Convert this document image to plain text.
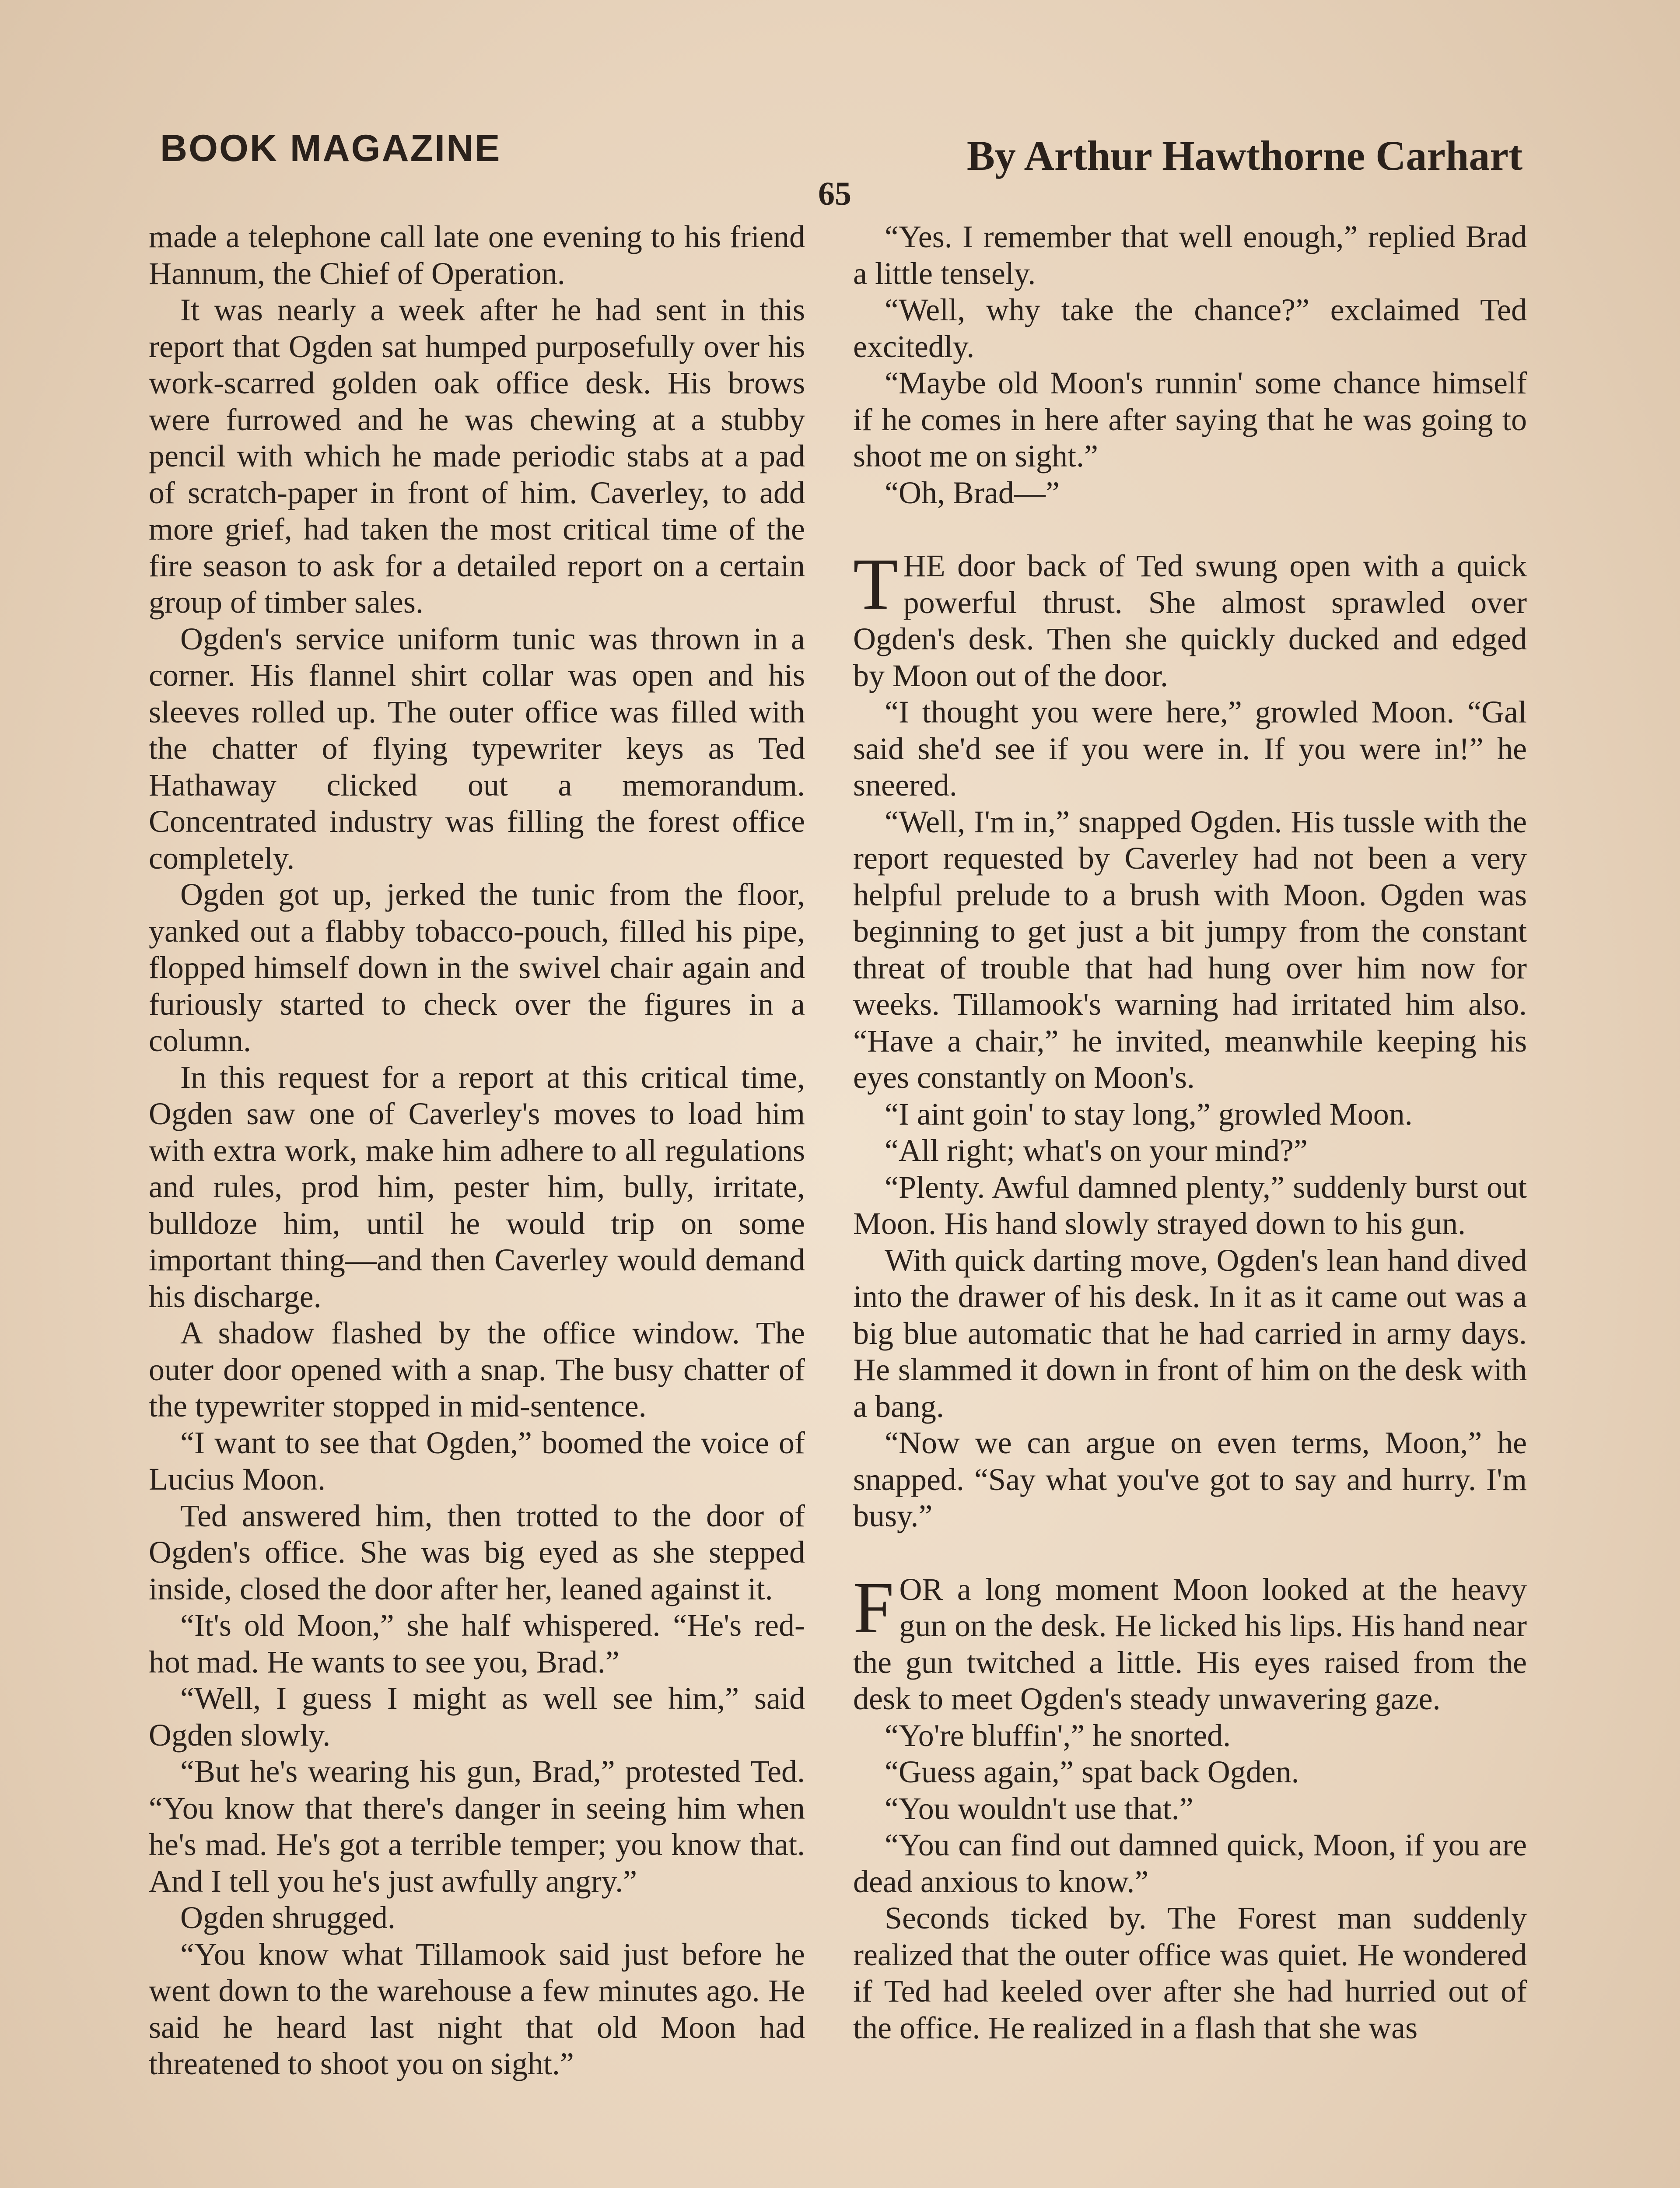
BOOK MAGAZINE	By Arthur Hawthorne Carhart
65

made a telephone call late one evening to his friend Hannum, the Chief of Operation.

It was nearly a week after he had sent in this report that Ogden sat humped purposefully over his work-scarred golden oak office desk. His brows were furrowed and he was chewing at a stubby pencil with which he made periodic stabs at a pad of scratch-paper in front of him. Caverley, to add more grief, had taken the most critical time of the fire season to ask for a detailed report on a certain group of timber sales.

Ogden's service uniform tunic was thrown in a corner. His flannel shirt collar was open and his sleeves rolled up. The outer office was filled with the chatter of flying typewriter keys as Ted Hathaway clicked out a memorandum. Concentrated industry was filling the forest office completely.

Ogden got up, jerked the tunic from the floor, yanked out a flabby tobacco-pouch, filled his pipe, flopped himself down in the swivel chair again and furiously started to check over the figures in a column.

In this request for a report at this critical time, Ogden saw one of Caverley's moves to load him with extra work, make him adhere to all regulations and rules, prod him, pester him, bully, irritate, bulldoze him, until he would trip on some important thing—and then Caverley would demand his discharge.

A shadow flashed by the office window. The outer door opened with a snap. The busy chatter of the typewriter stopped in mid-sentence.

“I want to see that Ogden,” boomed the voice of Lucius Moon.

Ted answered him, then trotted to the door of Ogden's office. She was big eyed as she stepped inside, closed the door after her, leaned against it.

“It's old Moon,” she half whispered. “He's red-hot mad. He wants to see you, Brad.”

“Well, I guess I might as well see him,” said Ogden slowly.

“But he's wearing his gun, Brad,” protested Ted. “You know that there's danger in seeing him when he's mad. He's got a terrible temper; you know that. And I tell you he's just awfully angry.”

Ogden shrugged.

“You know what Tillamook said just before he went down to the warehouse a few minutes ago. He said he heard last night that old Moon had threatened to shoot you on sight.”

“Yes. I remember that well enough,” replied Brad a little tensely.

“Well, why take the chance?” exclaimed Ted excitedly.

“Maybe old Moon's runnin' some chance himself if he comes in here after saying that he was going to shoot me on sight.”

“Oh, Brad—”

THE door back of Ted swung open with a quick powerful thrust. She almost sprawled over Ogden's desk. Then she quickly ducked and edged by Moon out of the door.

“I thought you were here,” growled Moon. “Gal said she'd see if you were in. If you were in!” he sneered.

“Well, I'm in,” snapped Ogden. His tussle with the report requested by Caverley had not been a very helpful prelude to a brush with Moon. Ogden was beginning to get just a bit jumpy from the constant threat of trouble that had hung over him now for weeks. Tillamook's warning had irritated him also. “Have a chair,” he invited, meanwhile keeping his eyes constantly on Moon's.

“I aint goin' to stay long,” growled Moon.

“All right; what's on your mind?”

“Plenty. Awful damned plenty,” suddenly burst out Moon. His hand slowly strayed down to his gun.

With quick darting move, Ogden's lean hand dived into the drawer of his desk. In it as it came out was a big blue automatic that he had carried in army days. He slammed it down in front of him on the desk with a bang.

“Now we can argue on even terms, Moon,” he snapped. “Say what you've got to say and hurry. I'm busy.”

FOR a long moment Moon looked at the heavy gun on the desk. He licked his lips. His hand near the gun twitched a little. His eyes raised from the desk to meet Ogden's steady unwavering gaze.

“Yo're bluffin',” he snorted.

“Guess again,” spat back Ogden.

“You wouldn't use that.”

“You can find out damned quick, Moon, if you are dead anxious to know.”

Seconds ticked by. The Forest man suddenly realized that the outer office was quiet. He wondered if Ted had keeled over after she had hurried out of the office. He realized in a flash that she was
